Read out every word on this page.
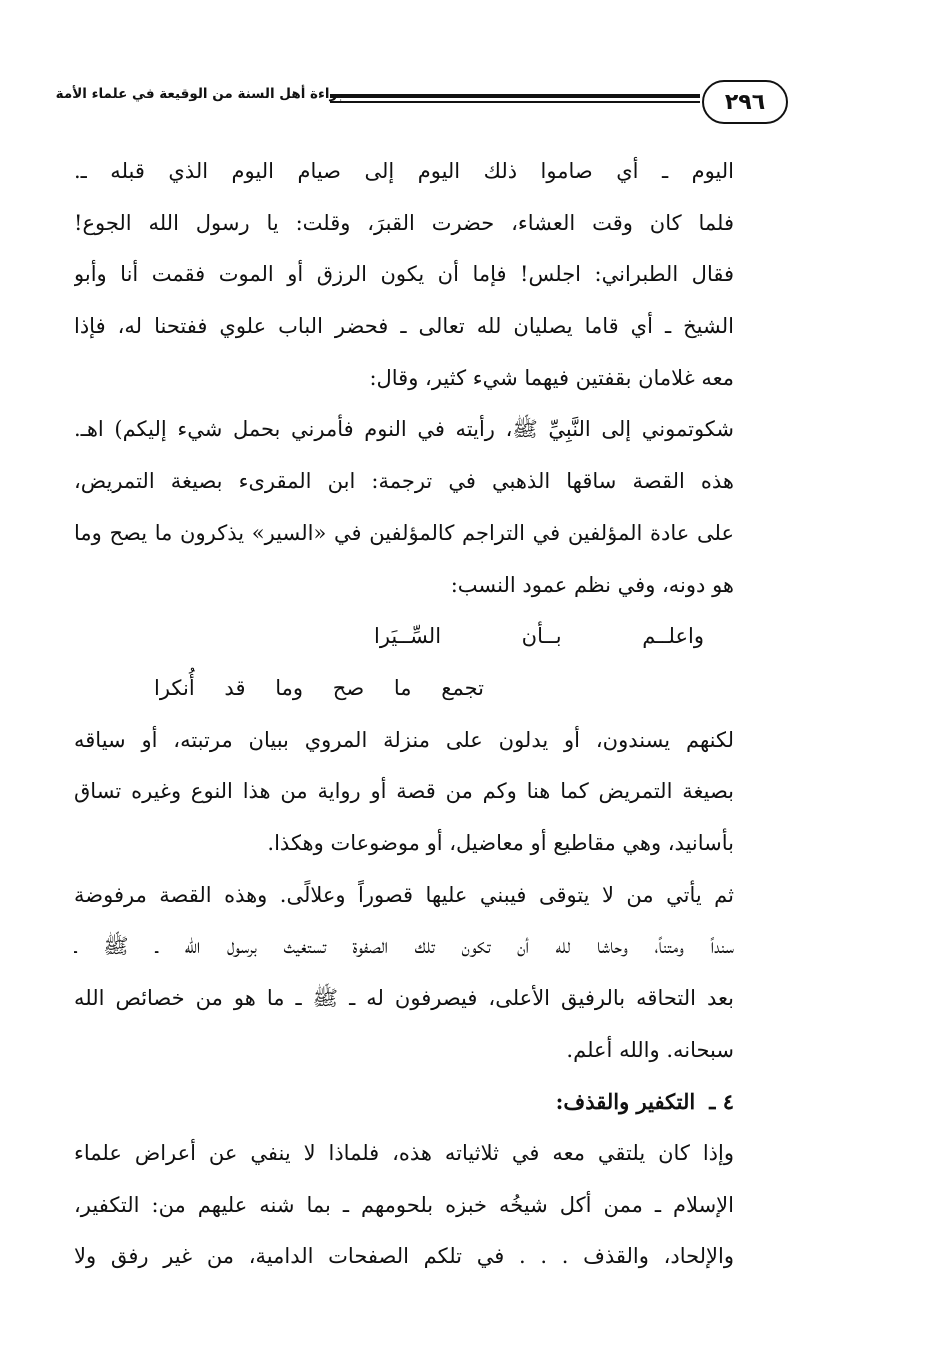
٢٩٦
براءة أهل السنة من الوقيعة في علماء الأمة
اليوم ـ أي صاموا ذلك اليوم إلى صيام اليوم الذي قبله ـ.
فلما كان وقت العشاء، حضرت القبرَ، وقلت: يا رسول الله الجوع!
فقال الطبراني: اجلس! فإما أن يكون الرزق أو الموت فقمت أنا وأبو
الشيخ ـ أي قاما يصليان لله تعالى ـ فحضر الباب علوي ففتحنا له، فإذا
معه غلامان بقفتين فيهما شيء كثير، وقال:
شكوتموني إلى النَّبِيِّ ﷺ، رأيته في النوم فأمرني بحمل شيء إليكم) اهـ.
هذه القصة ساقها الذهبي في ترجمة: ابن المقرىء بصيغة التمريض،
على عادة المؤلفين في التراجم كالمؤلفين في «السير» يذكرون ما يصح وما
هو دونه، وفي نظم عمود النسب:
واعلــم بــأن السِّــيَرا
تجمع ما صح وما قد أُنكرا
لكنهم يسندون، أو يدلون على منزلة المروي ببيان مرتبته، أو سياقه
بصيغة التمريض كما هنا وكم من قصة أو رواية من هذا النوع وغيره تساق
بأسانيد، وهي مقاطيع أو معاضيل، أو موضوعات وهكذا.
ثم يأتي من لا يتوقى فيبني عليها قصوراً وعلالًى. وهذه القصة مرفوضة
سنداً ومتناً، وحاشا لله أن تكون تلك الصفوة تستغيث برسول الله ـ ﷺ ـ
بعد التحاقه بالرفيق الأعلى، فيصرفون له ـ ﷺ ـ ما هو من خصائص الله
سبحانه. والله أعلم.
٤ ـالتكفير والقذف:
وإذا كان يلتقي معه في ثلاثياته هذه، فلماذا لا ينفي عن أعراض علماء
الإسلام ـ ممن أكل شيخُه خبزه بلحومهم ـ بما شنه عليهم من: التكفير،
والإلحاد، والقذف . . . في تلكم الصفحات الدامية، من غير رفق ولا
